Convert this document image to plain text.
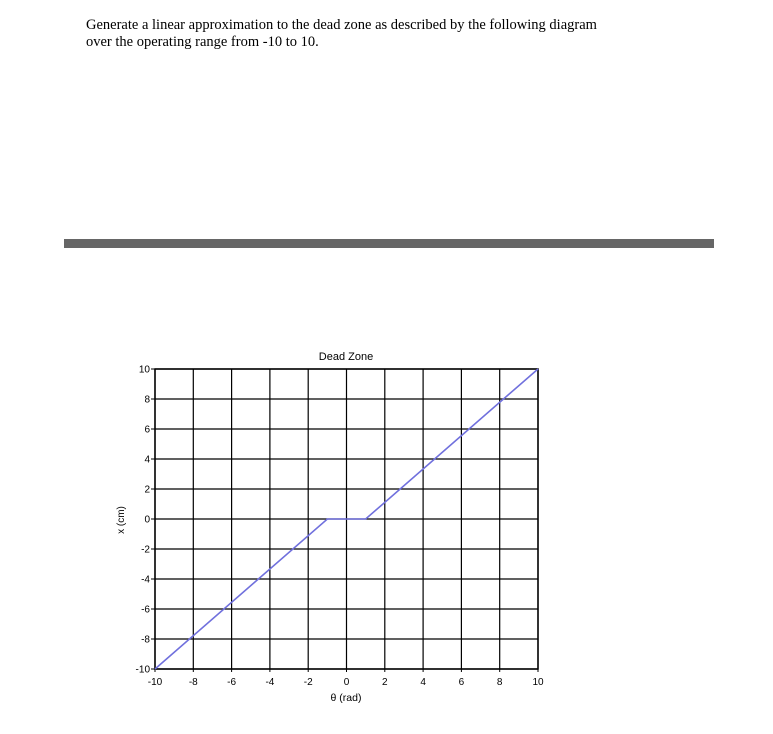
Generate a linear approximation to the dead zone as described by the following diagram
over the operating range from -10 to 10.
Dead Zone
-10
-8
-6
-4
-2
0
2
4
6
8
10
-10	-8	-6	-4	-2	0	2	4	6	8	10
θ (rad)
x (cm)
